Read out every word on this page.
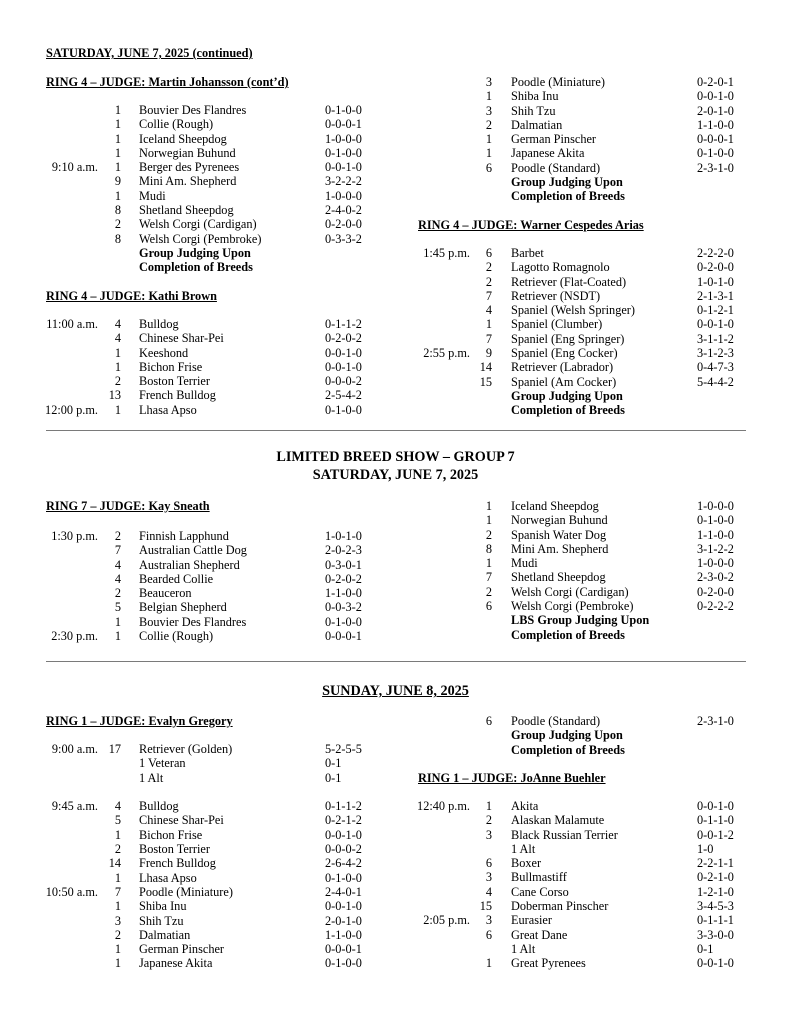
SATURDAY, JUNE 7, 2025 (continued)
RING 4 – JUDGE: Martin Johansson (cont’d)
1 Bouvier Des Flandres	0-1-0-0
1 Collie (Rough)	0-0-0-1
1 Iceland Sheepdog	1-0-0-0
1 Norwegian Buhund	0-1-0-0
9:10 a.m. 1 Berger des Pyrenees	0-0-1-0
9 Mini Am. Shepherd	3-2-2-2
1 Mudi	1-0-0-0
8 Shetland Sheepdog	2-4-0-2
2 Welsh Corgi (Cardigan)	0-2-0-0
8 Welsh Corgi (Pembroke)	0-3-3-2
Group Judging Upon
Completion of Breeds
RING 4 – JUDGE: Kathi Brown
11:00 a.m. 4 Bulldog	0-1-1-2
4 Chinese Shar-Pei	0-2-0-2
1 Keeshond	0-0-1-0
1 Bichon Frise	0-0-1-0
2 Boston Terrier	0-0-0-2
13 French Bulldog	2-5-4-2
12:00 p.m. 1 Lhasa Apso	0-1-0-0
3 Poodle (Miniature)	0-2-0-1
1 Shiba Inu	0-0-1-0
3 Shih Tzu	2-0-1-0
2 Dalmatian	1-1-0-0
1 German Pinscher	0-0-0-1
1 Japanese Akita	0-1-0-0
6 Poodle (Standard)	2-3-1-0
Group Judging Upon
Completion of Breeds
RING 4 – JUDGE: Warner Cespedes Arias
1:45 p.m. 6 Barbet	2-2-2-0
2 Lagotto Romagnolo	0-2-0-0
2 Retriever (Flat-Coated)	1-0-1-0
7 Retriever (NSDT)	2-1-3-1
4 Spaniel (Welsh Springer)	0-1-2-1
1 Spaniel (Clumber)	0-0-1-0
7 Spaniel (Eng Springer)	3-1-1-2
2:55 p.m. 9 Spaniel (Eng Cocker)	3-1-2-3
14 Retriever (Labrador)	0-4-7-3
15 Spaniel (Am Cocker)	5-4-4-2
Group Judging Upon
Completion of Breeds
LIMITED BREED SHOW – GROUP 7
SATURDAY, JUNE 7, 2025
RING 7 – JUDGE: Kay Sneath
1:30 p.m. 2 Finnish Lapphund	1-0-1-0
7 Australian Cattle Dog	2-0-2-3
4 Australian Shepherd	0-3-0-1
4 Bearded Collie	0-2-0-2
2 Beauceron	1-1-0-0
5 Belgian Shepherd	0-0-3-2
1 Bouvier Des Flandres	0-1-0-0
2:30 p.m. 1 Collie (Rough)	0-0-0-1
1 Iceland Sheepdog	1-0-0-0
1 Norwegian Buhund	0-1-0-0
2 Spanish Water Dog	1-1-0-0
8 Mini Am. Shepherd	3-1-2-2
1 Mudi	1-0-0-0
7 Shetland Sheepdog	2-3-0-2
2 Welsh Corgi (Cardigan)	0-2-0-0
6 Welsh Corgi (Pembroke)	0-2-2-2
LBS Group Judging Upon
Completion of Breeds
SUNDAY, JUNE 8, 2025
RING 1 – JUDGE: Evalyn Gregory
9:00 a.m. 17 Retriever (Golden)	5-2-5-5
1 Veteran	0-1
1 Alt	0-1
9:45 a.m. 4 Bulldog	0-1-1-2
5 Chinese Shar-Pei	0-2-1-2
1 Bichon Frise	0-0-1-0
2 Boston Terrier	0-0-0-2
14 French Bulldog	2-6-4-2
1 Lhasa Apso	0-1-0-0
10:50 a.m. 7 Poodle (Miniature)	2-4-0-1
1 Shiba Inu	0-0-1-0
3 Shih Tzu	2-0-1-0
2 Dalmatian	1-1-0-0
1 German Pinscher	0-0-0-1
1 Japanese Akita	0-1-0-0
6 Poodle (Standard)	2-3-1-0
Group Judging Upon
Completion of Breeds
RING 1 – JUDGE: JoAnne Buehler
12:40 p.m. 1 Akita	0-0-1-0
2 Alaskan Malamute	0-1-1-0
3 Black Russian Terrier	0-0-1-2
1 Alt	1-0
6 Boxer	2-2-1-1
3 Bullmastiff	0-2-1-0
4 Cane Corso	1-2-1-0
15 Doberman Pinscher	3-4-5-3
2:05 p.m. 3 Eurasier	0-1-1-1
6 Great Dane	3-3-0-0
1 Alt	0-1
1 Great Pyrenees	0-0-1-0
